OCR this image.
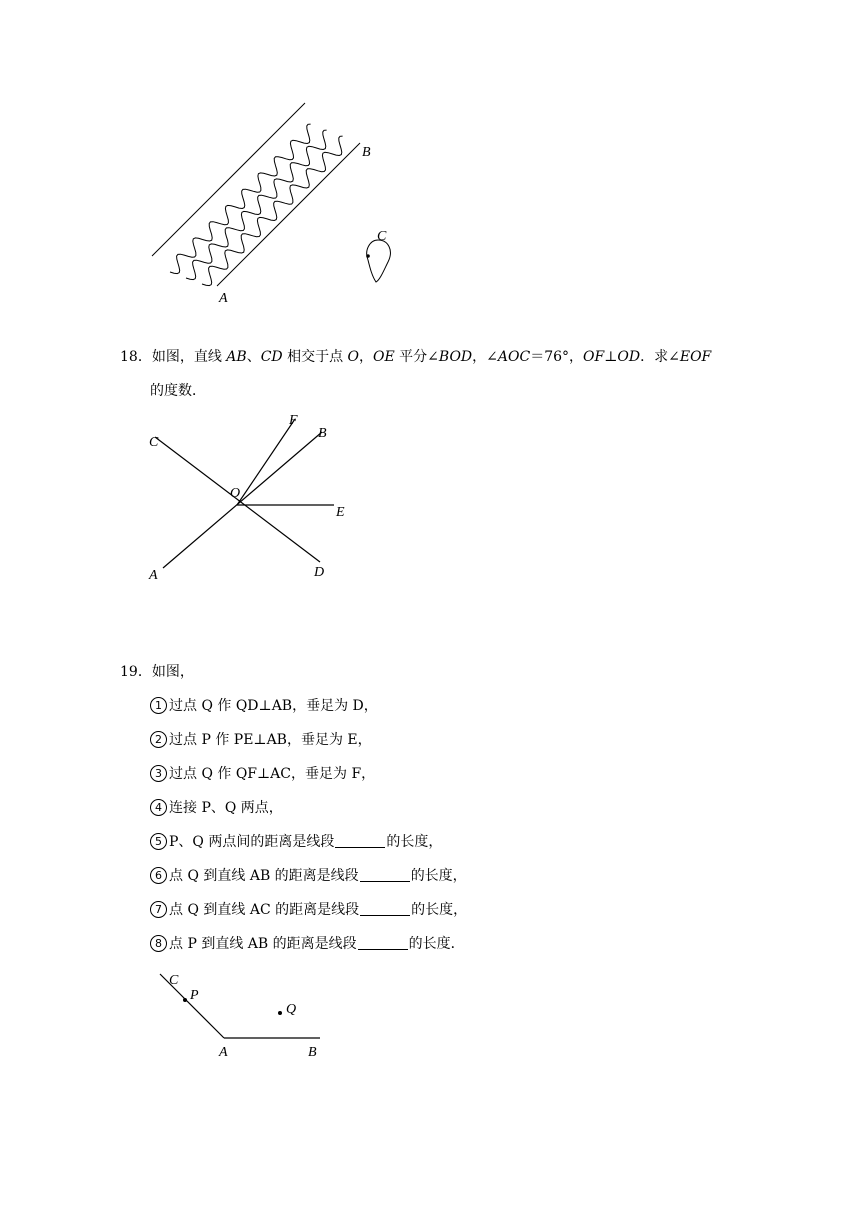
A
B
C
18．如图，直线 AB、CD 相交于点 O，OE 平分∠BOD，∠AOC＝76°，OF⊥OD．求∠EOF
的度数．
C
F
B
O
E
A	D
19．如图，
1 过点 Q 作 QD⊥AB，垂足为 D，
2 过点 P 作 PE⊥AB，垂足为 E，
3 过点 Q 作 QF⊥AC，垂足为 F，
4 连接 P、Q 两点，
5 P、Q 两点间的距离是线段	的长度，
6 点 Q 到直线 AB 的距离是线段	的长度，
7 点 Q 到直线 AC 的距离是线段	的长度，
8 点 P 到直线 AB 的距离是线段	的长度．
C
P
Q
A	B
